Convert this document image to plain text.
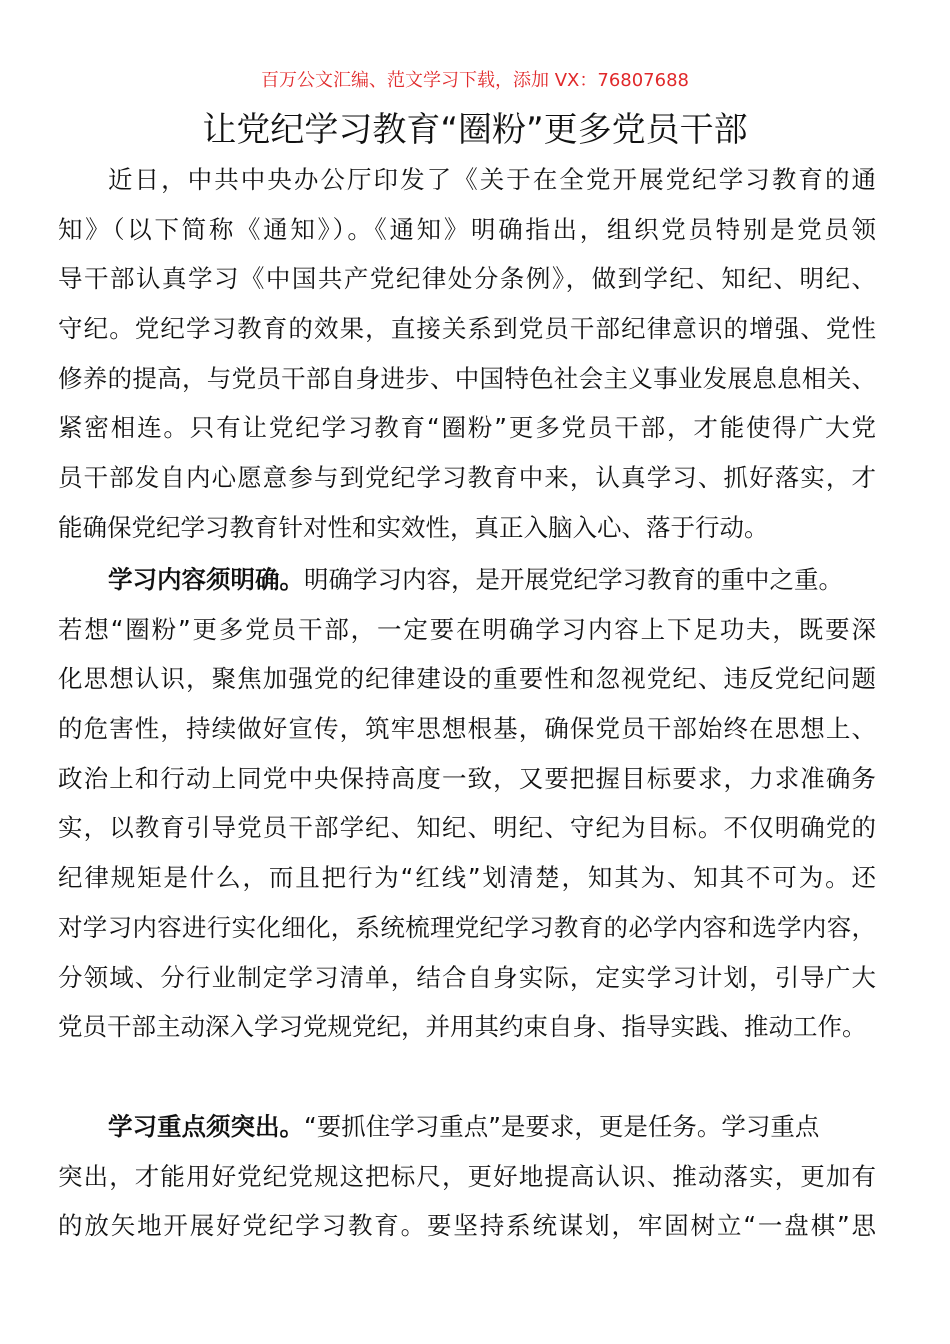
百万公文汇编、范文学习下载，添加 VX：76807688
让党纪学习教育“圈粉”更多党员干部
近日，中共中央办公厅印发了《关于在全党开展党纪学习教育的通
知》（以下简称《通知》）。《通知》明确指出，组织党员特别是党员领
导干部认真学习《中国共产党纪律处分条例》，做到学纪、知纪、明纪、
守纪。党纪学习教育的效果，直接关系到党员干部纪律意识的增强、党性
修养的提高，与党员干部自身进步、中国特色社会主义事业发展息息相关、
紧密相连。只有让党纪学习教育“圈粉”更多党员干部，才能使得广大党
员干部发自内心愿意参与到党纪学习教育中来，认真学习、抓好落实，才
能确保党纪学习教育针对性和实效性，真正入脑入心、落于行动。
学习内容须明确。明确学习内容，是开展党纪学习教育的重中之重。
若想“圈粉”更多党员干部，一定要在明确学习内容上下足功夫，既要深
化思想认识，聚焦加强党的纪律建设的重要性和忽视党纪、违反党纪问题
的危害性，持续做好宣传，筑牢思想根基，确保党员干部始终在思想上、
政治上和行动上同党中央保持高度一致，又要把握目标要求，力求准确务
实，以教育引导党员干部学纪、知纪、明纪、守纪为目标。不仅明确党的
纪律规矩是什么，而且把行为“红线”划清楚，知其为、知其不可为。还
对学习内容进行实化细化，系统梳理党纪学习教育的必学内容和选学内容，
分领域、分行业制定学习清单，结合自身实际，定实学习计划，引导广大
党员干部主动深入学习党规党纪，并用其约束自身、指导实践、推动工作。
学习重点须突出。“要抓住学习重点”是要求，更是任务。学习重点
突出，才能用好党纪党规这把标尺，更好地提高认识、推动落实，更加有
的放矢地开展好党纪学习教育。要坚持系统谋划，牢固树立“一盘棋”思
